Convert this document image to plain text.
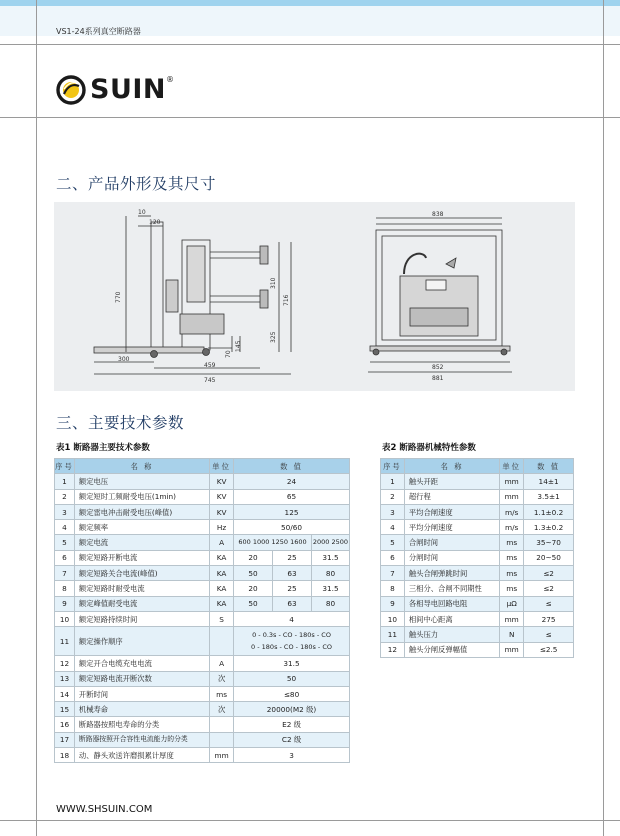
VS1-24系列真空断路器
SUIN ®
二、产品外形及其尺寸
10
120
770
310
716
325
145
70
300
459
745
838
852
881
三、主要技术参数
表1 断路器主要技术参数	表2 断路器机械特性参数
序号	名 称	单位	数 值		
1	额定电压	KV	24		
2	额定短时工频耐受电压(1min)	KV	65		
3	额定雷电冲击耐受电压(峰值)	KV	125		
4	额定频率	Hz	50/60		
5	额定电流	A	600 1000 1250 1600		2000 2500
6	额定短路开断电流	KA	20	25	31.5
7	额定短路关合电流(峰值)	KA	50	63	80
8	额定短路时耐受电流	KA	20	25	31.5
9	额定峰值耐受电流	KA	50	63	80
10	额定短路持续时间	S	4		
11	额定操作顺序		0 - 0.3s - CO - 180s - CO
0 - 180s - CO - 180s - CO		

12	额定开合电缆充电电流	A	31.5		
13	额定短路电流开断次数	次	50		
14	开断时间	ms	≤80		
15	机械寿命	次	20000(M2 级)		
16	断路器按照电寿命的分类		E2 级		
17	断路器按照开合容性电流能力的分类		C2 级		
18	动、静头欢送许磨损累计厚度	mm	3		
序号	名 称	单位	数 值
1	触头开距	mm	14±1
2	超行程	mm	3.5±1
3	平均合闸速度	m/s	1.1±0.2
4	平均分闸速度	m/s	1.3±0.2
5	合闸时间	ms	35~70
6	分闸时间	ms	20~50
7	触头合闸弹跳时间	ms	≤2
8	三相分、合闸不同期性	ms	≤2
9	各相导电回路电阻	μΩ	≤
10	相间中心距离	mm	275
11	触头压力	N	≤
12	触头分闸反弹幅值	mm	≤2.5
WWW.SHSUIN.COM
